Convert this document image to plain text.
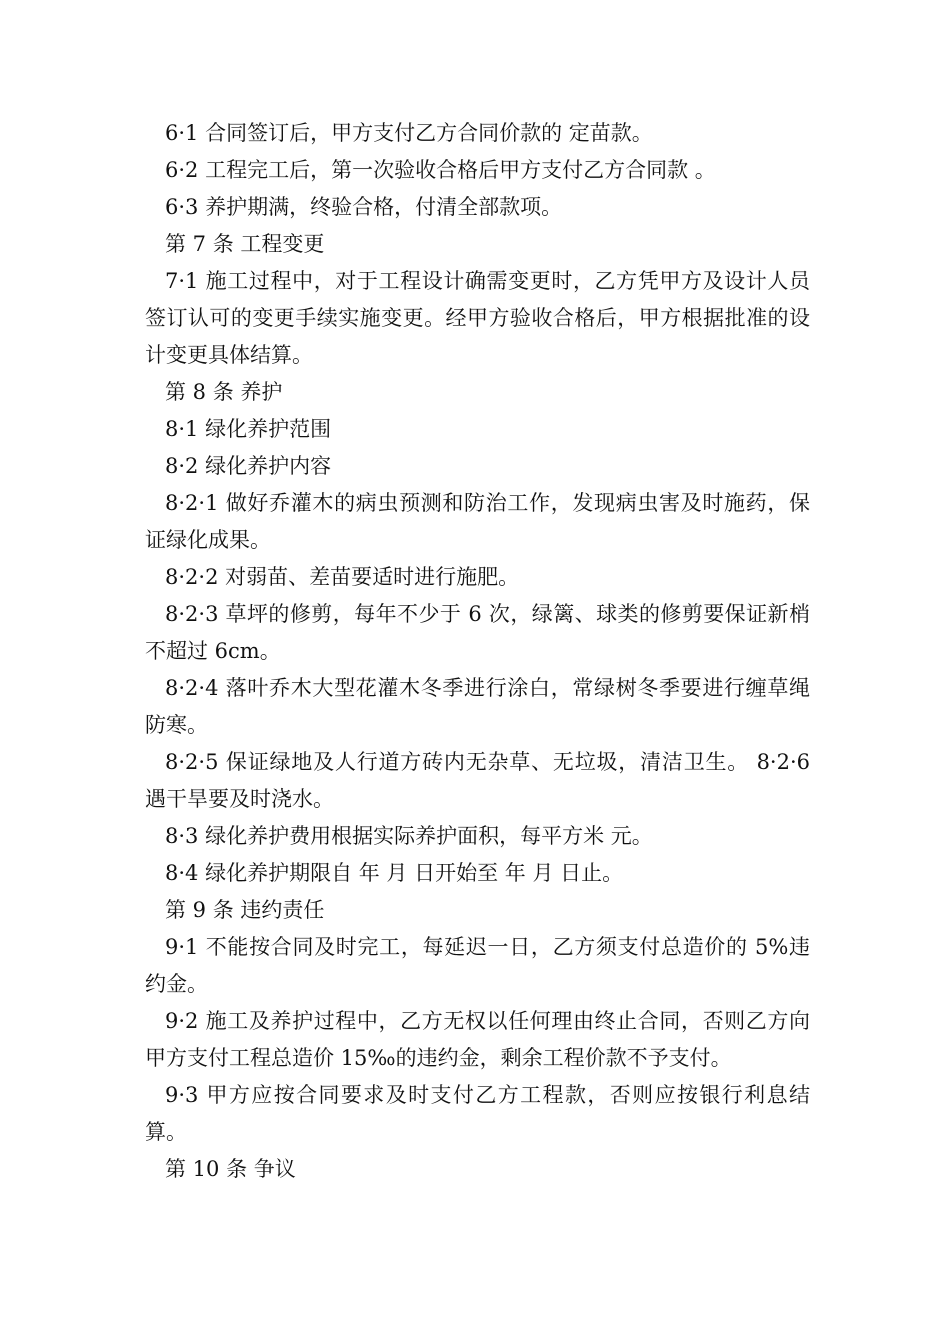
6·1 合同签订后，甲方支付乙方合同价款的 定苗款。

6·2 工程完工后，第一次验收合格后甲方支付乙方合同款 。

6·3 养护期满，终验合格，付清全部款项。

第 7 条 工程变更

7·1 施工过程中，对于工程设计确需变更时，乙方凭甲方及设计人员签订认可的变更手续实施变更。经甲方验收合格后，甲方根据批准的设计变更具体结算。

第 8 条 养护

8·1 绿化养护范围

8·2 绿化养护内容

8·2·1 做好乔灌木的病虫预测和防治工作，发现病虫害及时施药，保证绿化成果。

8·2·2 对弱苗、差苗要适时进行施肥。

8·2·3 草坪的修剪，每年不少于 6 次，绿篱、球类的修剪要保证新梢不超过 6cm。

8·2·4 落叶乔木大型花灌木冬季进行涂白，常绿树冬季要进行缠草绳防寒。

8·2·5 保证绿地及人行道方砖内无杂草、无垃圾，清洁卫生。 8·2·6 遇干旱要及时浇水。

8·3 绿化养护费用根据实际养护面积，每平方米 元。

8·4 绿化养护期限自 年 月 日开始至 年 月 日止。

第 9 条 违约责任

9·1 不能按合同及时完工，每延迟一日，乙方须支付总造价的 5%违约金。

9·2 施工及养护过程中，乙方无权以任何理由终止合同，否则乙方向甲方支付工程总造价 15‰的违约金，剩余工程价款不予支付。

9·3 甲方应按合同要求及时支付乙方工程款，否则应按银行利息结算。

第 10 条 争议
